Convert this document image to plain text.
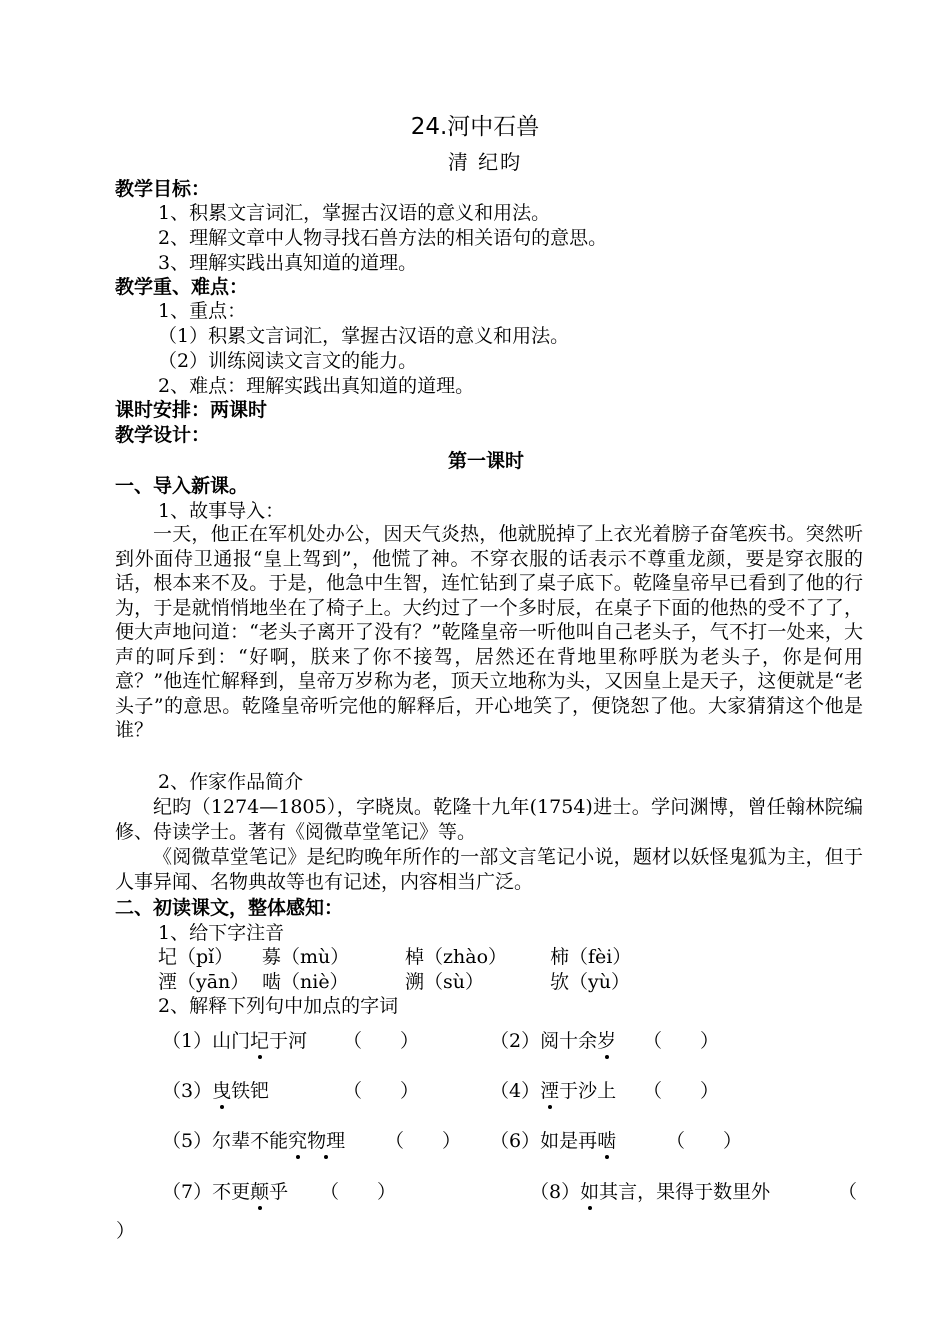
24.河中石兽
清 纪昀
教学目标：
1、积累文言词汇，掌握古汉语的意义和用法。
2、理解文章中人物寻找石兽方法的相关语句的意思。
3、理解实践出真知道的道理。
教学重、难点：
1、重点：
（1）积累文言词汇，掌握古汉语的意义和用法。
（2）训练阅读文言文的能力。
2、难点：理解实践出真知道的道理。
课时安排：两课时
教学设计：
第一课时
一、导入新课。
1、故事导入：

一天，他正在军机处办公，因天气炎热，他就脱掉了上衣光着膀子奋笔疾书。突然听到外面侍卫通报“皇上驾到”，他慌了神。不穿衣服的话表示不尊重龙颜，要是穿衣服的话，根本来不及。于是，他急中生智，连忙钻到了桌子底下。乾隆皇帝早已看到了他的行为，于是就悄悄地坐在了椅子上。大约过了一个多时辰，在桌子下面的他热的受不了了，便大声地问道：“老头子离开了没有？”乾隆皇帝一听他叫自己老头子，气不打一处来，大声的呵斥到：“好啊，朕来了你不接驾，居然还在背地里称呼朕为老头子，你是何用意？”他连忙解释到，皇帝万岁称为老，顶天立地称为头，又因皇上是天子，这便就是“老头子”的意思。乾隆皇帝听完他的解释后，开心地笑了，便饶恕了他。大家猜猜这个他是谁？

2、作家作品简介

纪昀（1274—1805），字晓岚。乾隆十九年(1754)进士。学问渊博，曾任翰林院编修、侍读学士。著有《阅微草堂笔记》等。

《阅微草堂笔记》是纪昀晚年所作的一部文言笔记小说，题材以妖怪鬼狐为主，但于人事异闻、名物典故等也有记述，内容相当广泛。

二、初读课文，整体感知：
1、给下字注音
圮（pǐ） 募（mù）	棹（zhào） 柿（fèi）
湮（yān） 啮（niè）	溯（sù）	欤（yù）
2、解释下列句中加点的字词
（1）山门圮于河 （　　）	（2）阅十余岁 （　　）
（3）曳铁钯	（　　）	（4）湮于沙上 （　　）
（5）尔辈不能究物理 （　　） （6）如是再啮	（　　）
（7）不更颠乎 （　　）	（8）如其言，果得于数里外	（
）
